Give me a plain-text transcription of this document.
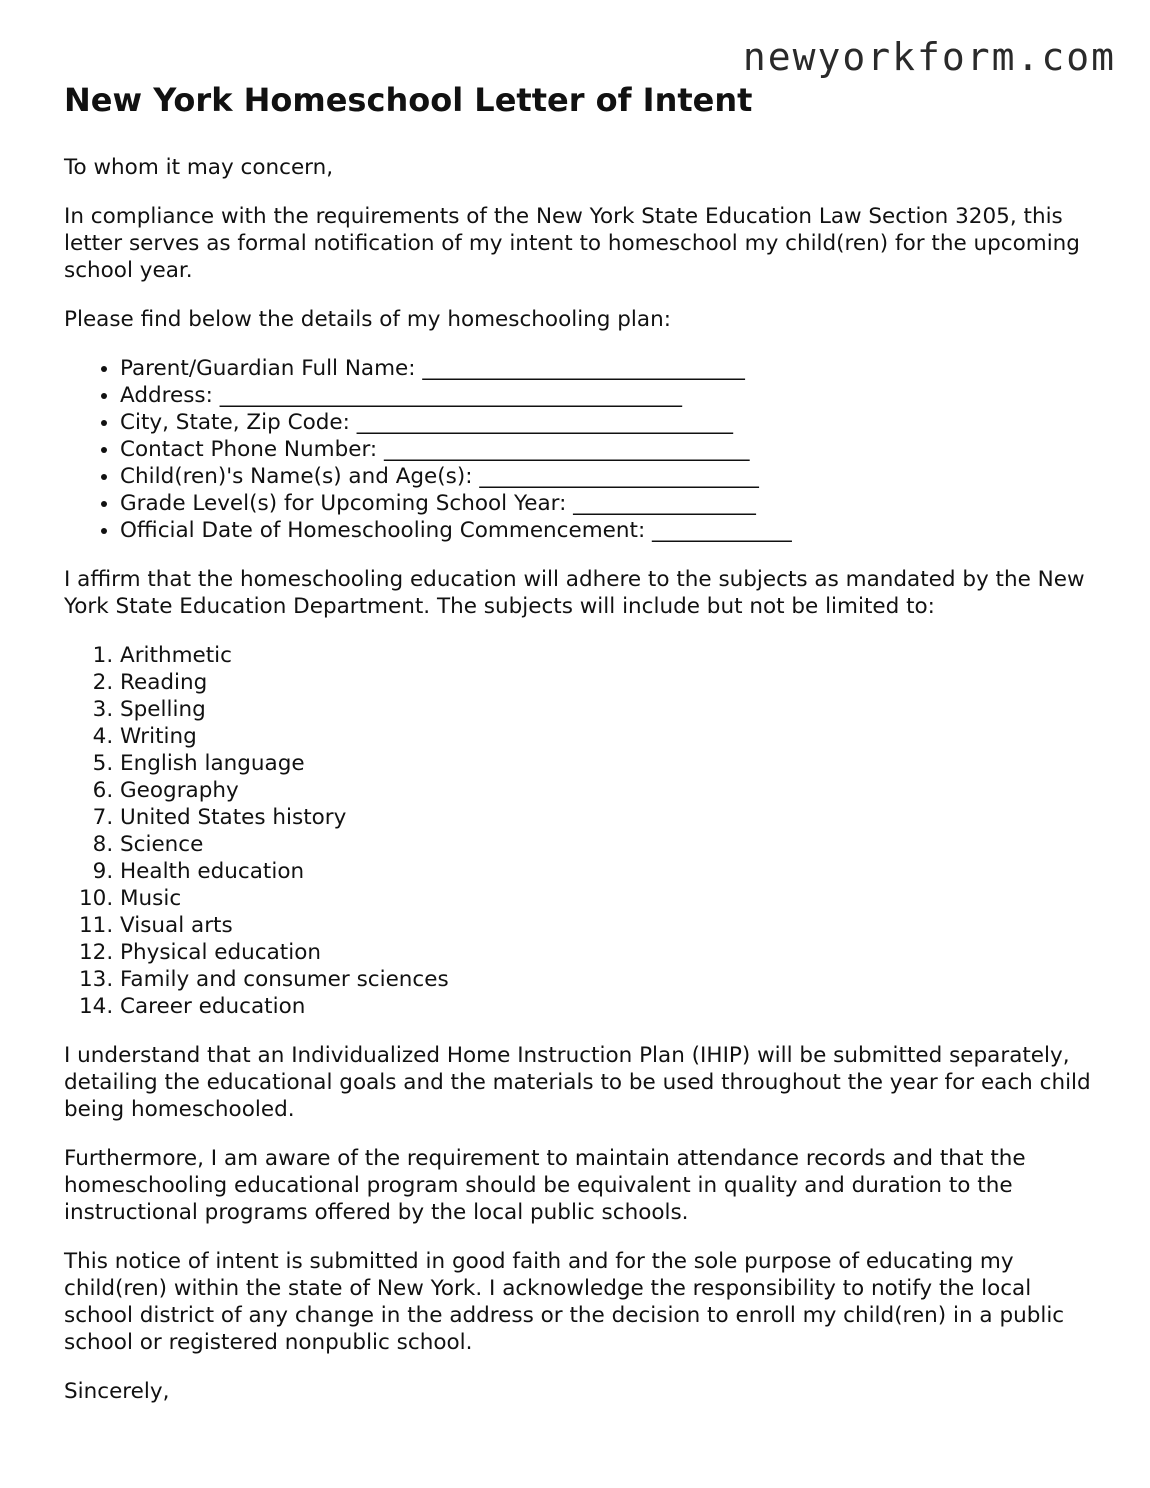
newyorkform.com
New York Homeschool Letter of Intent

To whom it may concern,

In compliance with the requirements of the New York State Education Law Section 3205, this letter serves as formal notification of my intent to homeschool my child(ren) for the upcoming school year.

Please find below the details of my homeschooling plan:

• Parent/Guardian Full Name: ______________________________
• Address: ___________________________________________
• City, State, Zip Code: ___________________________________
• Contact Phone Number: __________________________________
• Child(ren)'s Name(s) and Age(s): __________________________
• Grade Level(s) for Upcoming School Year: _________________
• Official Date of Homeschooling Commencement: _____________

I affirm that the homeschooling education will adhere to the subjects as mandated by the New York State Education Department. The subjects will include but not be limited to:

1. Arithmetic
2. Reading
3. Spelling
4. Writing
5. English language
6. Geography
7. United States history
8. Science
9. Health education
10. Music
11. Visual arts
12. Physical education
13. Family and consumer sciences
14. Career education

I understand that an Individualized Home Instruction Plan (IHIP) will be submitted separately, detailing the educational goals and the materials to be used throughout the year for each child being homeschooled.

Furthermore, I am aware of the requirement to maintain attendance records and that the homeschooling educational program should be equivalent in quality and duration to the instructional programs offered by the local public schools.

This notice of intent is submitted in good faith and for the sole purpose of educating my child(ren) within the state of New York. I acknowledge the responsibility to notify the local school district of any change in the address or the decision to enroll my child(ren) in a public school or registered nonpublic school.

Sincerely,
